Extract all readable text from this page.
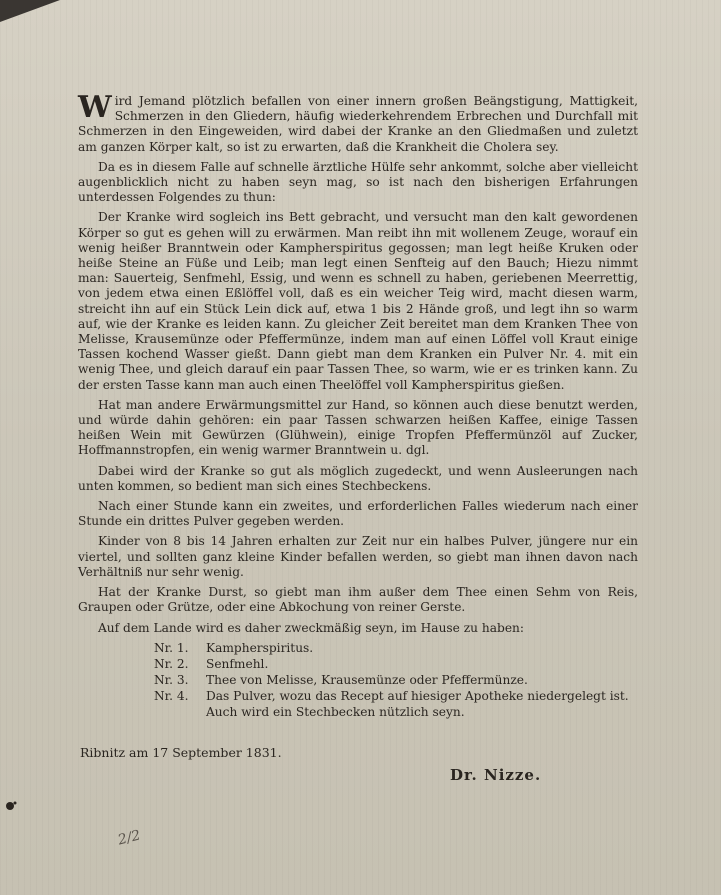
Wird Jemand plötzlich befallen von einer innern großen Beängstigung, Mattigkeit, Schmerzen in den Gliedern, häufig wiederkehrendem Erbrechen und Durchfall mit Schmerzen in den Eingeweiden, wird dabei der Kranke an den Gliedmaßen und zuletzt am ganzen Körper kalt, so ist zu erwarten, daß die Krankheit die Cholera sey.

Da es in diesem Falle auf schnelle ärztliche Hülfe sehr ankommt, solche aber vielleicht augenblicklich nicht zu haben seyn mag, so ist nach den bisherigen Erfahrungen unterdessen Folgendes zu thun:

Der Kranke wird sogleich ins Bett gebracht, und versucht man den kalt gewordenen Körper so gut es gehen will zu erwärmen. Man reibt ihn mit wollenem Zeuge, worauf ein wenig heißer Branntwein oder Kampherspiritus gegossen; man legt heiße Kruken oder heiße Steine an Füße und Leib; man legt einen Senfteig auf den Bauch; Hiezu nimmt man: Sauerteig, Senfmehl, Essig, und wenn es schnell zu haben, geriebenen Meerrettig, von jedem etwa einen Eßlöffel voll, daß es ein weicher Teig wird, macht diesen warm, streicht ihn auf ein Stück Lein dick auf, etwa 1 bis 2 Hände groß, und legt ihn so warm auf, wie der Kranke es leiden kann. Zu gleicher Zeit bereitet man dem Kranken Thee von Melisse, Krausemünze oder Pfeffermünze, indem man auf einen Löffel voll Kraut einige Tassen kochend Wasser gießt. Dann giebt man dem Kranken ein Pulver Nr. 4. mit ein wenig Thee, und gleich darauf ein paar Tassen Thee, so warm, wie er es trinken kann. Zu der ersten Tasse kann man auch einen Theelöffel voll Kampherspiritus gießen.

Hat man andere Erwärmungsmittel zur Hand, so können auch diese benutzt werden, und würde dahin gehören: ein paar Tassen schwarzen heißen Kaffee, einige Tassen heißen Wein mit Gewürzen (Glühwein), einige Tropfen Pfeffermünzöl auf Zucker, Hoffmannstropfen, ein wenig warmer Branntwein u. dgl.

Dabei wird der Kranke so gut als möglich zugedeckt, und wenn Ausleerungen nach unten kommen, so bedient man sich eines Stechbeckens.

Nach einer Stunde kann ein zweites, und erforderlichen Falles wiederum nach einer Stunde ein drittes Pulver gegeben werden.

Kinder von 8 bis 14 Jahren erhalten zur Zeit nur ein halbes Pulver, jüngere nur ein viertel, und sollten ganz kleine Kinder befallen werden, so giebt man ihnen davon nach Verhältniß nur sehr wenig.

Hat der Kranke Durst, so giebt man ihm außer dem Thee einen Sehm von Reis, Graupen oder Grütze, oder eine Abkochung von reiner Gerste.

Auf dem Lande wird es daher zweckmäßig seyn, im Hause zu haben:

Nr. 1.	Kampherspiritus.
Nr. 2.	Senfmehl.
Nr. 3.	Thee von Melisse, Krausemünze oder Pfeffermünze.
Nr. 4.	Das Pulver, wozu das Recept auf hiesiger Apotheke niedergelegt ist.
Auch wird ein Stechbecken nützlich seyn.
Ribnitz am 17 September 1831.
Dr. Nizze.
2/2
